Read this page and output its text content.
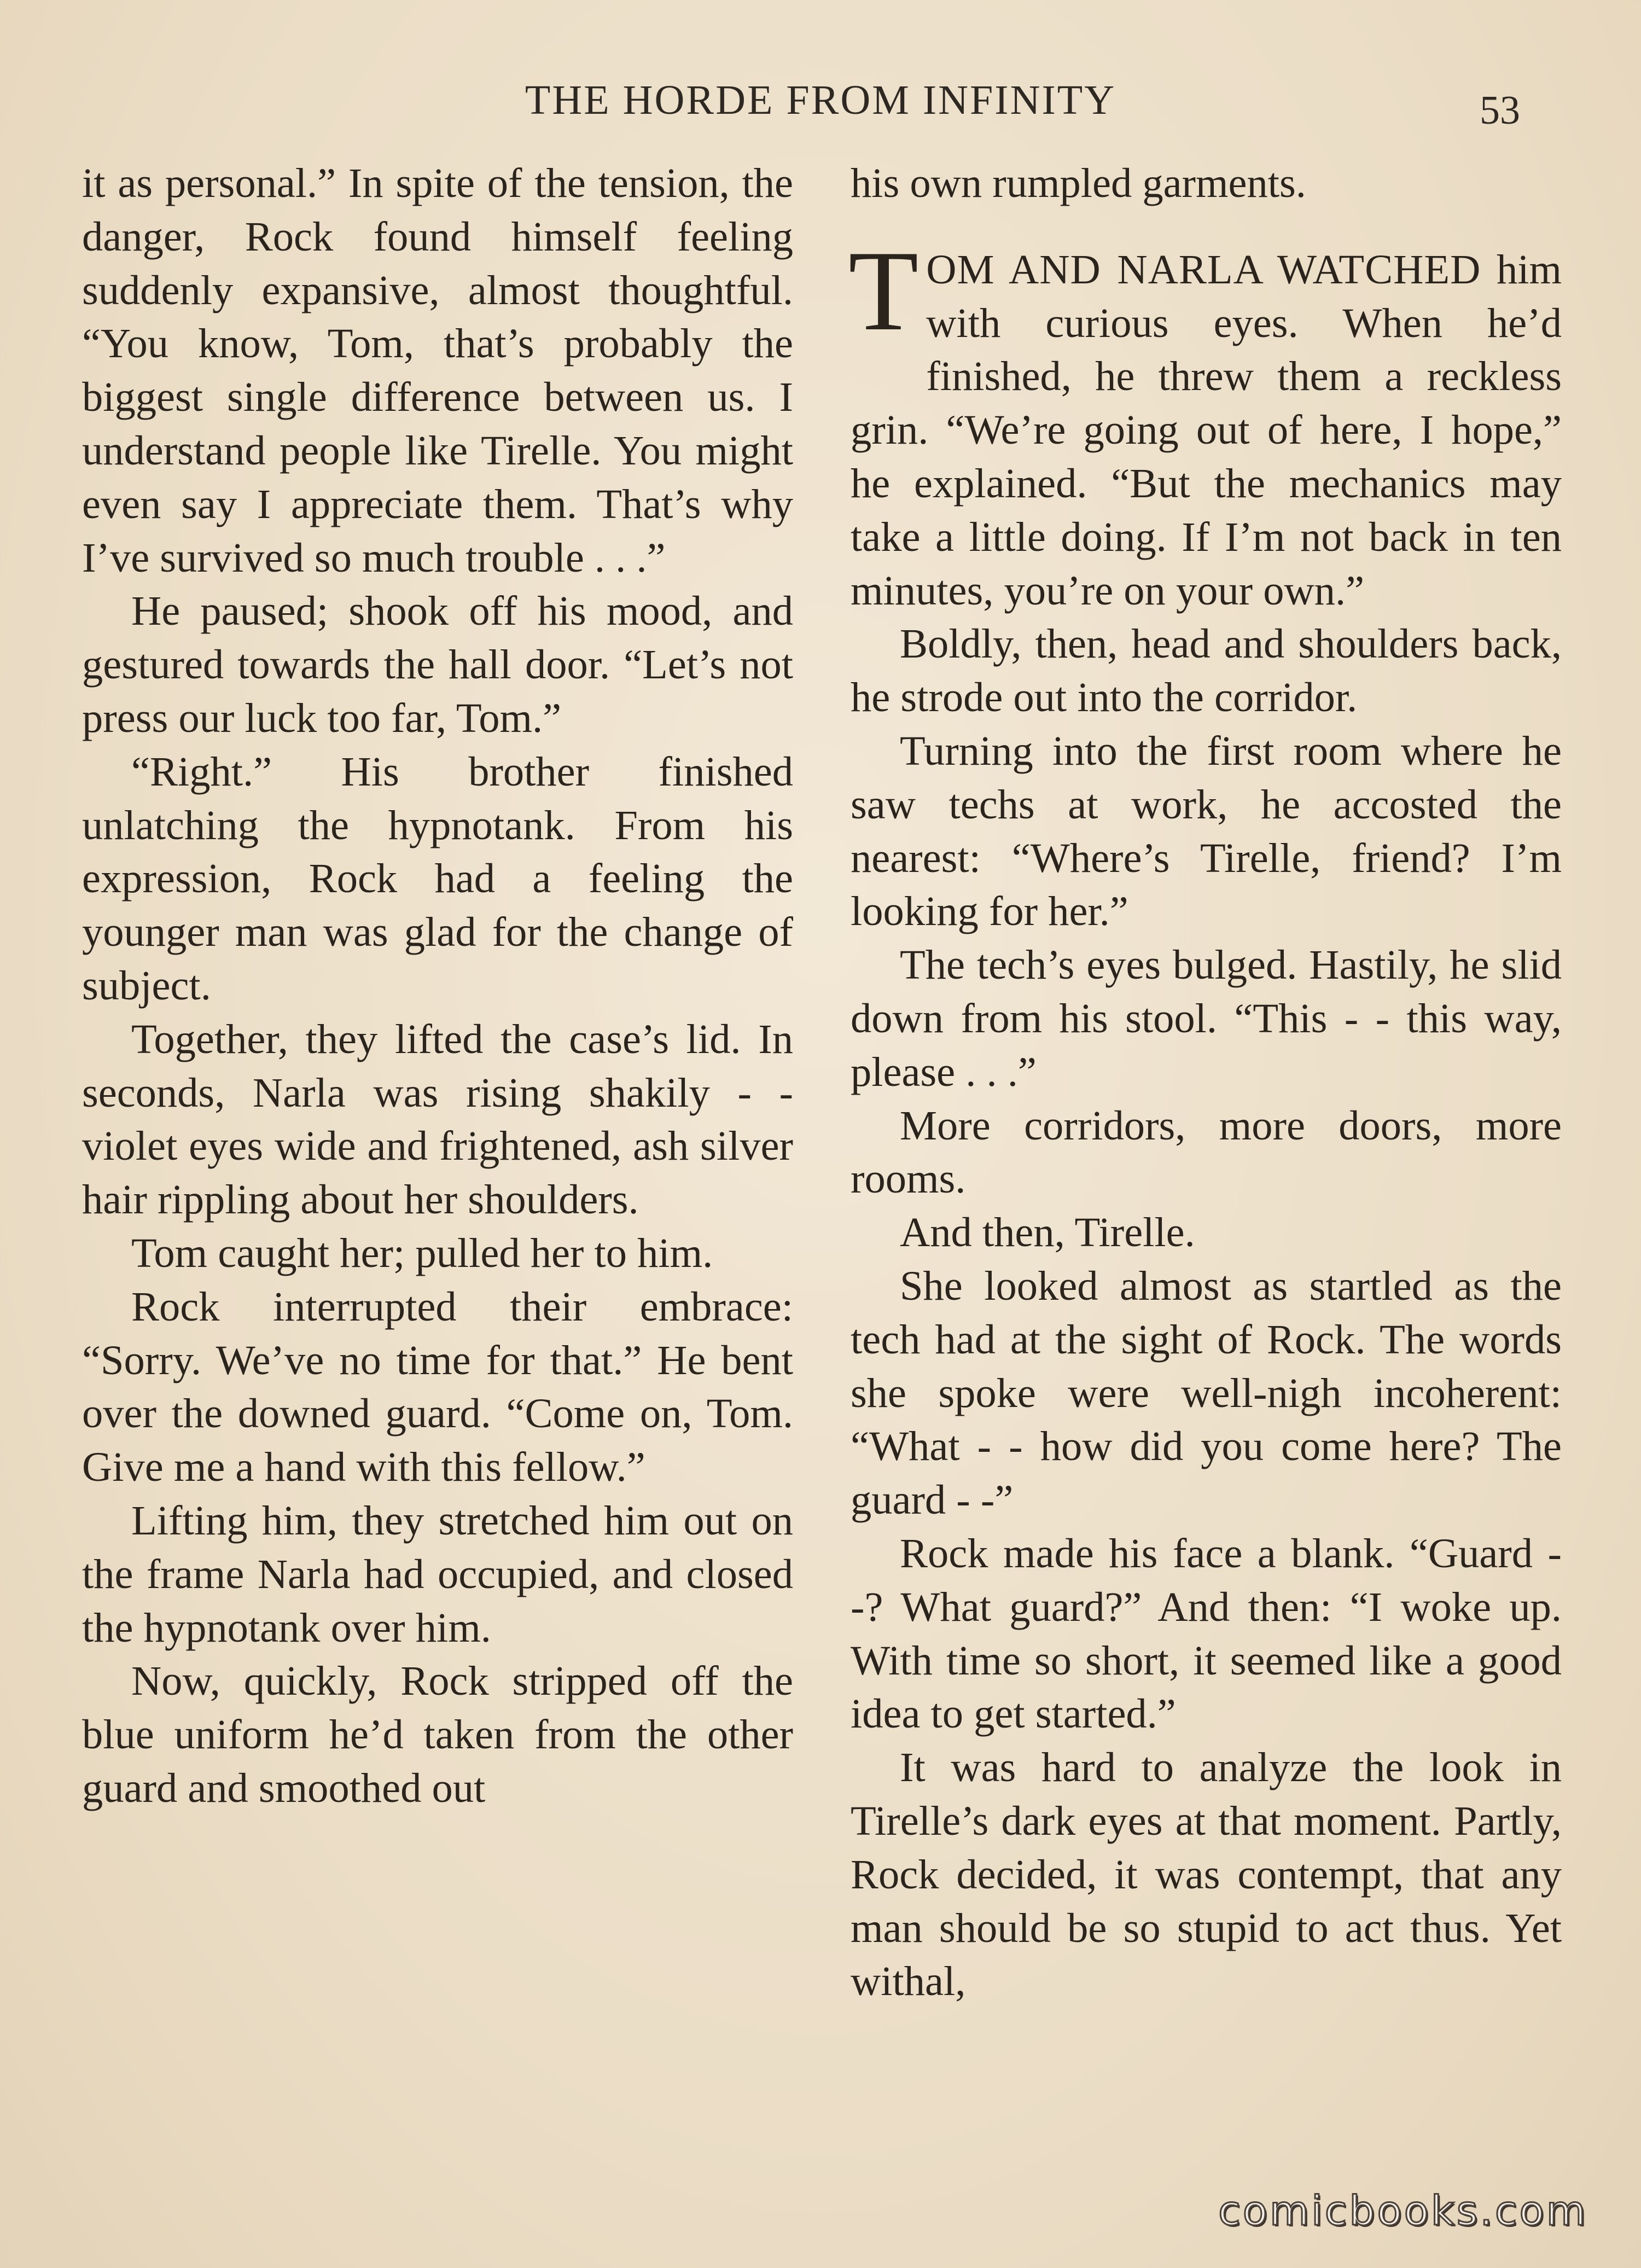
THE HORDE FROM INFINITY	53

it as personal.” In spite of the tension, the danger, Rock found himself feeling suddenly expansive, almost thoughtful. “You know, Tom, that’s probably the biggest single difference between us. I understand people like Tirelle. You might even say I appreciate them. That’s why I’ve survived so much trouble . . .”

He paused; shook off his mood, and gestured towards the hall door. “Let’s not press our luck too far, Tom.”

“Right.” His brother finished unlatching the hypnotank. From his expression, Rock had a feeling the younger man was glad for the change of subject.

Together, they lifted the case’s lid. In seconds, Narla was rising shakily - - violet eyes wide and frightened, ash silver hair rippling about her shoulders.

Tom caught her; pulled her to him.

Rock interrupted their embrace: “Sorry. We’ve no time for that.” He bent over the downed guard. “Come on, Tom. Give me a hand with this fellow.”

Lifting him, they stretched him out on the frame Narla had occupied, and closed the hypnotank over him.

Now, quickly, Rock stripped off the blue uniform he’d taken from the other guard and smoothed out

his own rumpled garments.

TOM AND NARLA WATCHED him with curious eyes. When he’d finished, he threw them a reckless grin. “We’re going out of here, I hope,” he explained. “But the mechanics may take a little doing. If I’m not back in ten minutes, you’re on your own.”

Boldly, then, head and shoulders back, he strode out into the corridor.

Turning into the first room where he saw techs at work, he accosted the nearest: “Where’s Tirelle, friend? I’m looking for her.”

The tech’s eyes bulged. Hastily, he slid down from his stool. “This - - this way, please . . .”

More corridors, more doors, more rooms.

And then, Tirelle.

She looked almost as startled as the tech had at the sight of Rock. The words she spoke were well-nigh incoherent: “What - - how did you come here? The guard - -”

Rock made his face a blank. “Guard - -? What guard?” And then: “I woke up. With time so short, it seemed like a good idea to get started.”

It was hard to analyze the look in Tirelle’s dark eyes at that moment. Partly, Rock decided, it was contempt, that any man should be so stupid to act thus. Yet withal,

comicbooks.com
